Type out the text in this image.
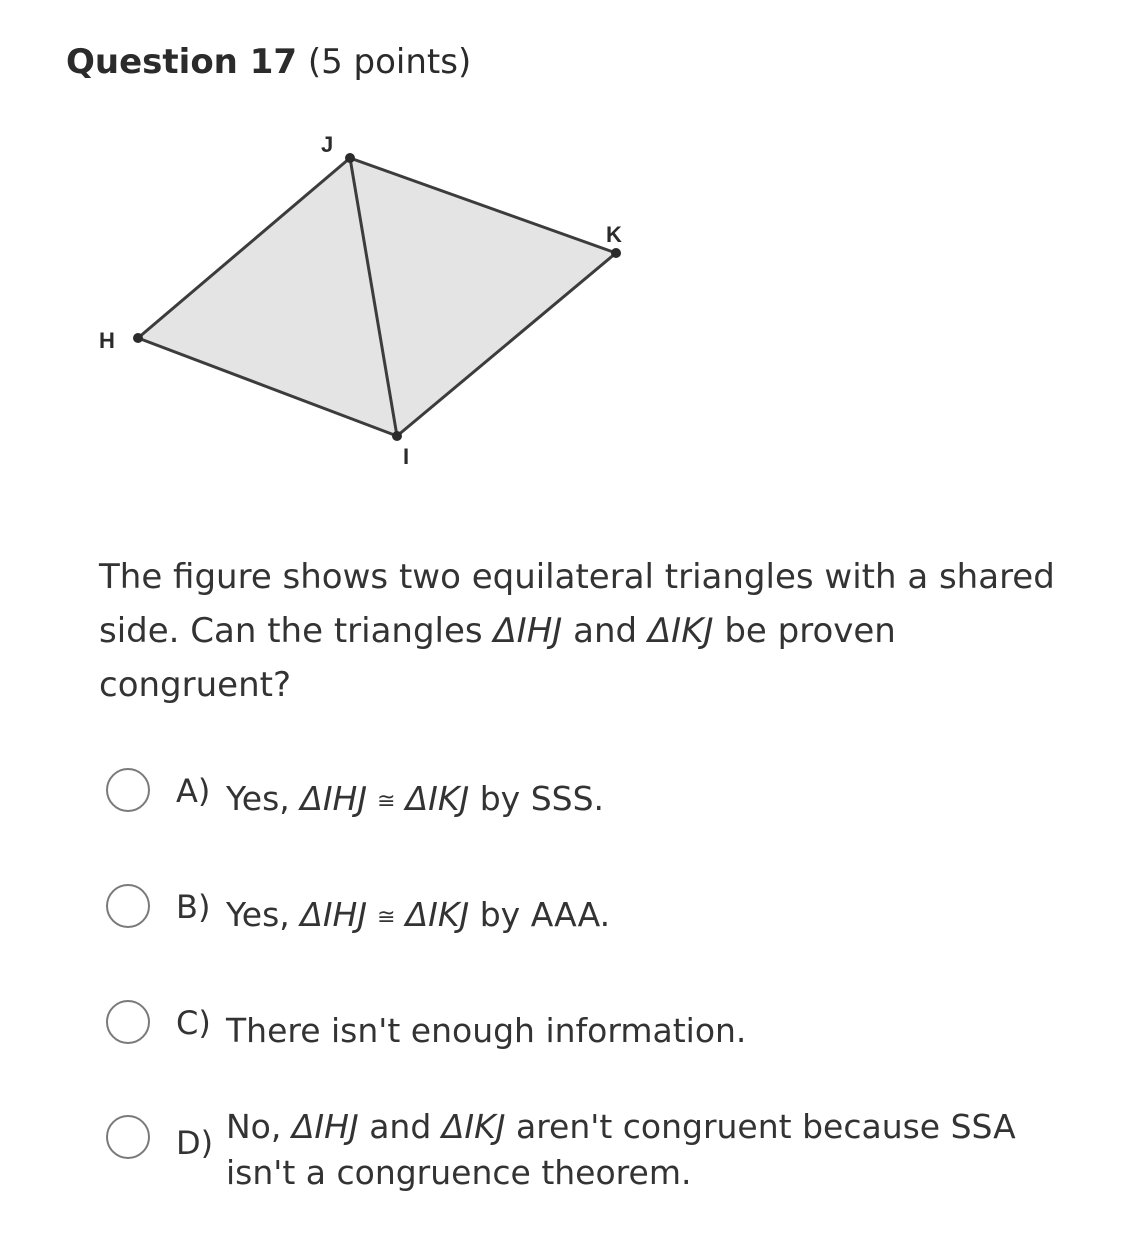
Question 17 (5 points)
J
K
H
I
The figure shows two equilateral triangles with a shared side. Can the triangles ΔIHJ and ΔIKJ be proven congruent?
A) Yes, ΔIHJ ≅ ΔIKJ by SSS.
B) Yes, ΔIHJ ≅ ΔIKJ by AAA.
C) There isn't enough information.
D) No, ΔIHJ and ΔIKJ aren't congruent because SSA isn't a congruence theorem.
